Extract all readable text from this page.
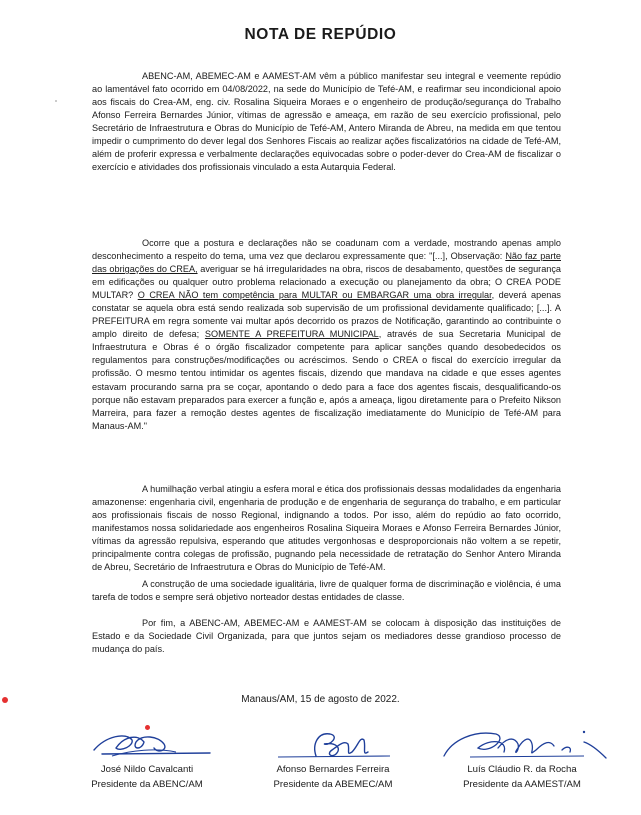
NOTA DE REPÚDIO

ABENC-AM, ABEMEC-AM e AAMEST-AM vêm a público manifestar seu integral e veemente repúdio ao lamentável fato ocorrido em 04/08/2022, na sede do Município de Tefé-AM, e reafirmar seu incondicional apoio aos fiscais do Crea-AM, eng. civ. Rosalina Siqueira Moraes e o engenheiro de produção/segurança do Trabalho Afonso Ferreira Bernardes Júnior, vítimas de agressão e ameaça, em razão de seu exercício profissional, pelo Secretário de Infraestrutura e Obras do Município de Tefé-AM, Antero Miranda de Abreu, na medida em que tentou impedir o cumprimento do dever legal dos Senhores Fiscais ao realizar ações fiscalizatórios na cidade de Tefé-AM, além de proferir expressa e verbalmente declarações equivocadas sobre o poder-dever do Crea-AM de fiscalizar o exercício e atividades dos profissionais vinculado a esta Autarquia Federal.

Ocorre que a postura e declarações não se coadunam com a verdade, mostrando apenas amplo desconhecimento a respeito do tema, uma vez que declarou expressamente que: "[...], Observação: Não faz parte das obrigações do CREA, averiguar se há irregularidades na obra, riscos de desabamento, questões de segurança em edificações ou qualquer outro problema relacionado a execução ou planejamento da obra; O CREA PODE MULTAR? O CREA NÃO tem competência para MULTAR ou EMBARGAR uma obra irregular, deverá apenas constatar se aquela obra está sendo realizada sob supervisão de um profissional devidamente qualificado; [...]. A PREFEITURA em regra somente vai multar após decorrido os prazos de Notificação, garantindo ao contribuinte o amplo direito de defesa; SOMENTE A PREFEITURA MUNICIPAL, através de sua Secretaria Municipal de Infraestrutura e Obras é o órgão fiscalizador competente para aplicar sanções quando desobedecidos os regulamentos para construções/modificações ou acréscimos. Sendo o CREA o fiscal do exercício irregular da profissão. O mesmo tentou intimidar os agentes fiscais, dizendo que mandava na cidade e que esses agentes estavam procurando sarna pra se coçar, apontando o dedo para a face dos agentes fiscais, desqualificando-os porque não estavam preparados para exercer a função e, após a ameaça, ligou diretamente para o Prefeito Nikson Marreira, para fazer a remoção destes agentes de fiscalização imediatamente do Município de Tefé-AM para Manaus-AM."

A humilhação verbal atingiu a esfera moral e ética dos profissionais dessas modalidades da engenharia amazonense: engenharia civil, engenharia de produção e de engenharia de segurança do trabalho, e em particular aos profissionais fiscais de nosso Regional, indignando a todos. Por isso, além do repúdio ao fato ocorrido, manifestamos nossa solidariedade aos engenheiros Rosalina Siqueira Moraes e Afonso Ferreira Bernardes Júnior, vítimas da agressão repulsiva, esperando que atitudes vergonhosas e desproporcionais não voltem a se repetir, principalmente contra colegas de profissão, pugnando pela necessidade de retratação do Senhor Antero Miranda de Abreu, Secretário de Infraestrutura e Obras do Município de Tefé-AM.

A construção de uma sociedade igualitária, livre de qualquer forma de discriminação e violência, é uma tarefa de todos e sempre será objetivo norteador destas entidades de classe.

Por fim, a ABENC-AM, ABEMEC-AM e AAMEST-AM se colocam à disposição das instituições de Estado e da Sociedade Civil Organizada, para que juntos sejam os mediadores desse grandioso processo de mudança do país.

Manaus/AM, 15 de agosto de 2022.
José Nildo Cavalcanti
Presidente da ABENC/AM
Afonso Bernardes Ferreira
Presidente da ABEMEC/AM
Luís Cláudio R. da Rocha
Presidente da AAMEST/AM
